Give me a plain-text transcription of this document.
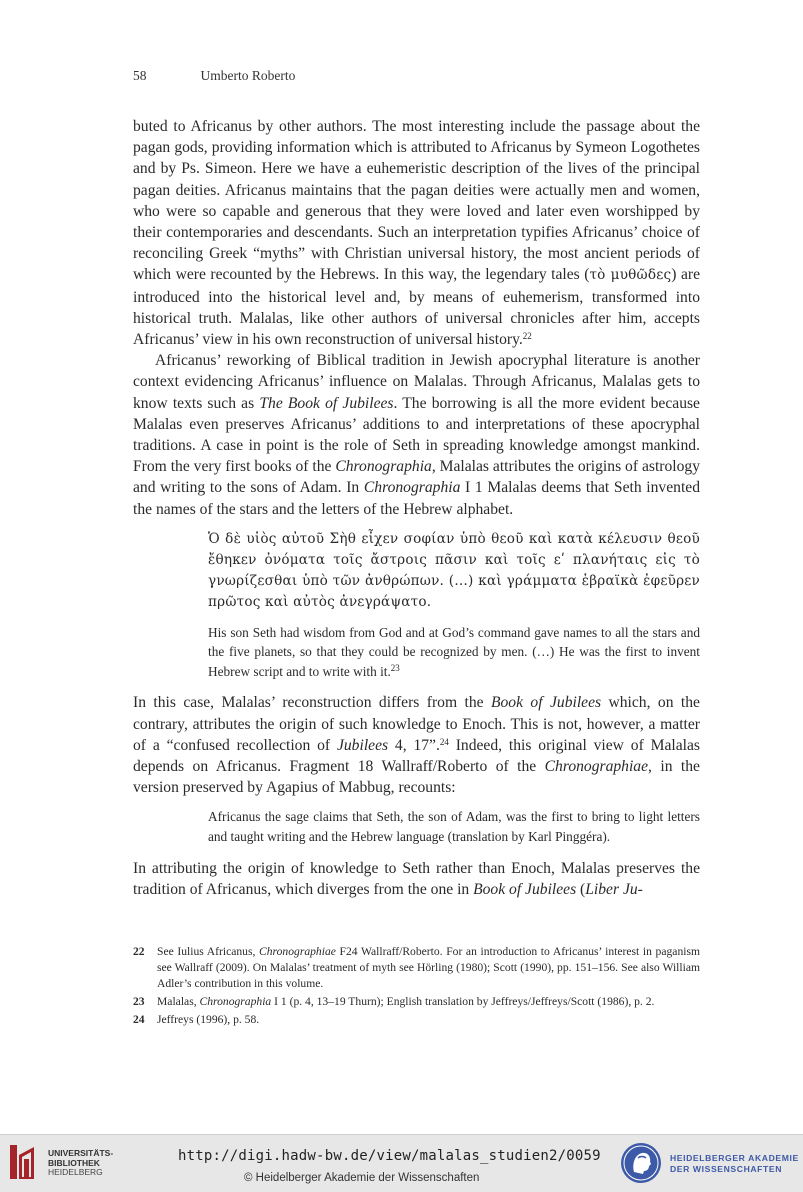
58	Umberto Roberto

buted to Africanus by other authors. The most interesting include the passage about the pagan gods, providing information which is attributed to Africanus by Symeon Logothetes and by Ps. Simeon. Here we have a euhemeristic description of the lives of the principal pagan deities. Africanus maintains that the pagan deities were actually men and women, who were so capable and generous that they were loved and later even worshipped by their contemporaries and descendants. Such an interpretation typifies Africanus’ choice of reconciling Greek “myths” with Christian universal history, the most ancient periods of which were recounted by the Hebrews. In this way, the legendary tales (τὸ μυθῶδες) are introduced into the historical level and, by means of euhemerism, transformed into historical truth. Malalas, like other authors of universal chronicles after him, accepts Africanus’ view in his own reconstruction of universal history.$^{22}$

Africanus’ reworking of Biblical tradition in Jewish apocryphal literature is another context evidencing Africanus’ influence on Malalas. Through Africanus, Malalas gets to know texts such as The Book of Jubilees. The borrowing is all the more evident because Malalas even preserves Africanus’ additions to and interpretations of these apocryphal traditions. A case in point is the role of Seth in spreading knowledge amongst mankind. From the very first books of the Chronographia, Malalas attributes the origins of astrology and writing to the sons of Adam. In Chronographia I 1 Malalas deems that Seth invented the names of the stars and the letters of the Hebrew alphabet.

Ὁ δὲ υἱὸς αὐτοῦ Σὴθ εἶχεν σοφίαν ὑπὸ θεοῦ καὶ κατὰ κέλευσιν θεοῦ ἔθηκεν ὀνόματα τοῖς ἄστροις πᾶσιν καὶ τοῖς εʹ πλανήταις εἰς τὸ γνωρίζεσθαι ὑπὸ τῶν ἀνθρώπων. (…) καὶ γράμματα ἑβραϊκὰ ἐφεῦρεν πρῶτος καὶ αὐτὸς ἀνεγράψατο.

His son Seth had wisdom from God and at God’s command gave names to all the stars and the five planets, so that they could be recognized by men. (…) He was the first to invent Hebrew script and to write with it.$^{23}$

In this case, Malalas’ reconstruction differs from the Book of Jubilees which, on the contrary, attributes the origin of such knowledge to Enoch. This is not, however, a matter of a “confused recollection of Jubilees 4, 17”.$^{24}$ Indeed, this original view of Malalas depends on Africanus. Fragment 18 Wallraff/Roberto of the Chronographiae, in the version preserved by Agapius of Mabbug, recounts:

Africanus the sage claims that Seth, the son of Adam, was the first to bring to light letters and taught writing and the Hebrew language (translation by Karl Pinggéra).

In attributing the origin of knowledge to Seth rather than Enoch, Malalas preserves the tradition of Africanus, which diverges from the one in Book of Jubilees (Liber Ju-

22 See Iulius Africanus, Chronographiae F24 Wallraff/Roberto. For an introduction to Africanus’ interest in paganism see Wallraff (2009). On Malalas’ treatment of myth see Hörling (1980); Scott (1990), pp. 151–156. See also William Adler’s contribution in this volume.
23 Malalas, Chronographia I 1 (p. 4, 13–19 Thurn); English translation by Jeffreys/Jeffreys/Scott (1986), p. 2.
24 Jeffreys (1996), p. 58.
UNIVERSITÄTS-
BIBLIOTHEK
HEIDELBERG
http://digi.hadw-bw.de/view/malalas_studien2/0059
© Heidelberger Akademie der Wissenschaften
HEIDELBERGER AKADEMIE
DER WISSENSCHAFTEN
